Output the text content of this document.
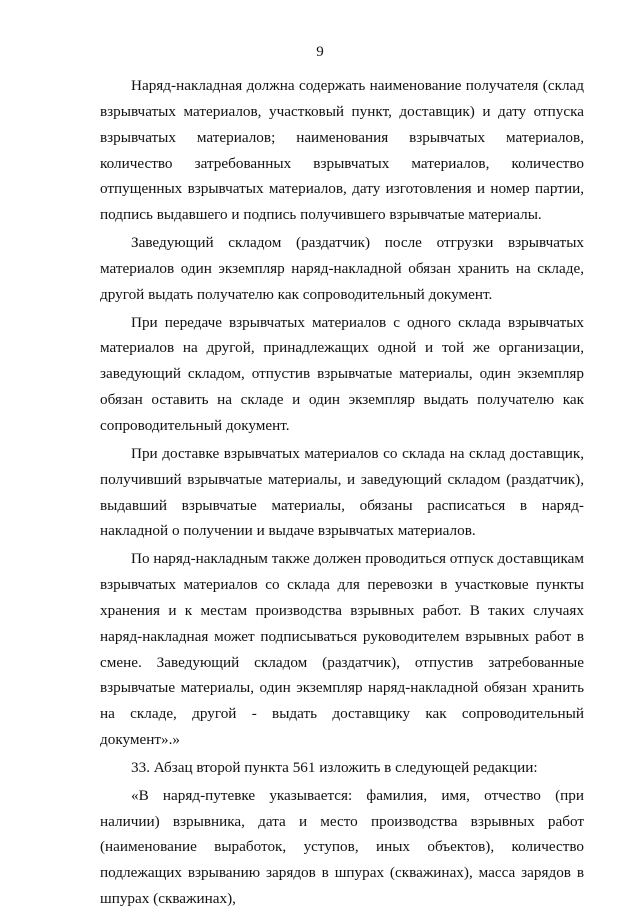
9

Наряд-накладная должна содержать наименование получателя (склад взрывчатых материалов, участковый пункт, доставщик) и дату отпуска взрывчатых материалов; наименования взрывчатых материалов, количество затребованных взрывчатых материалов, количество отпущенных взрывчатых материалов, дату изготовления и номер партии, подпись выдавшего и подпись получившего взрывчатые материалы.

Заведующий складом (раздатчик) после отгрузки взрывчатых материалов один экземпляр наряд-накладной обязан хранить на складе, другой выдать получателю как сопроводительный документ.

При передаче взрывчатых материалов с одного склада взрывчатых материалов на другой, принадлежащих одной и той же организации, заведующий складом, отпустив взрывчатые материалы, один экземпляр обязан оставить на складе и один экземпляр выдать получателю как сопроводительный документ.

При доставке взрывчатых материалов со склада на склад доставщик, получивший взрывчатые материалы, и заведующий складом (раздатчик), выдавший взрывчатые материалы, обязаны расписаться в наряд-накладной о получении и выдаче взрывчатых материалов.

По наряд-накладным также должен проводиться отпуск доставщикам взрывчатых материалов со склада для перевозки в участковые пункты хранения и к местам производства взрывных работ. В таких случаях наряд-накладная может подписываться руководителем взрывных работ в смене. Заведующий складом (раздатчик), отпустив затребованные взрывчатые материалы, один экземпляр наряд-накладной обязан хранить на складе, другой - выдать доставщику как сопроводительный документ».»

33. Абзац второй пункта 561 изложить в следующей редакции:

«В наряд-путевке указывается: фамилия, имя, отчество (при наличии) взрывника, дата и место производства взрывных работ (наименование выработок, уступов, иных объектов), количество подлежащих взрыванию зарядов в шпурах (скважинах), масса зарядов в шпурах (скважинах),
